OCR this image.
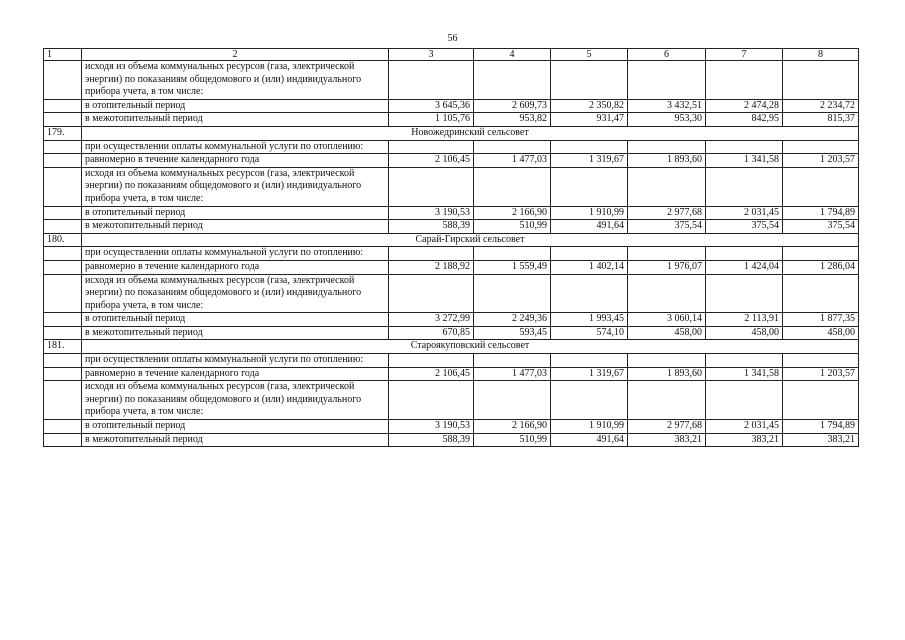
56
1	2	3	4	5	6	7	8
	исходя из объема коммунальных ресурсов (газа, электрической энергии) по показаниям общедомового и (или) индивидуального прибора учета, в том числе:						
	в отопительный период	3 645,36	2 609,73	2 350,82	3 432,51	2 474,28	2 234,72
	в межотопительный период	1 105,76	953,82	931,47	953,30	842,95	815,37
179.	Новожедринский сельсовет						
	при осуществлении оплаты коммунальной услуги по отоплению:						
	равномерно в течение календарного года	2 106,45	1 477,03	1 319,67	1 893,60	1 341,58	1 203,57
	исходя из объема коммунальных ресурсов (газа, электрической энергии) по показаниям общедомового и (или) индивидуального прибора учета, в том числе:						
	в отопительный период	3 190,53	2 166,90	1 910,99	2 977,68	2 031,45	1 794,89
	в межотопительный период	588,39	510,99	491,64	375,54	375,54	375,54
180.	Сарай-Гирский сельсовет						
	при осуществлении оплаты коммунальной услуги по отоплению:						
	равномерно в течение календарного года	2 188,92	1 559,49	1 402,14	1 976,07	1 424,04	1 286,04
	исходя из объема коммунальных ресурсов (газа, электрической энергии) по показаниям общедомового и (или) индивидуального прибора учета, в том числе:						
	в отопительный период	3 272,99	2 249,36	1 993,45	3 060,14	2 113,91	1 877,35
	в межотопительный период	670,85	593,45	574,10	458,00	458,00	458,00
181.	Староякуповский сельсовет						
	при осуществлении оплаты коммунальной услуги по отоплению:						
	равномерно в течение календарного года	2 106,45	1 477,03	1 319,67	1 893,60	1 341,58	1 203,57
	исходя из объема коммунальных ресурсов (газа, электрической энергии) по показаниям общедомового и (или) индивидуального прибора учета, в том числе:						
	в отопительный период	3 190,53	2 166,90	1 910,99	2 977,68	2 031,45	1 794,89
	в межотопительный период	588,39	510,99	491,64	383,21	383,21	383,21
